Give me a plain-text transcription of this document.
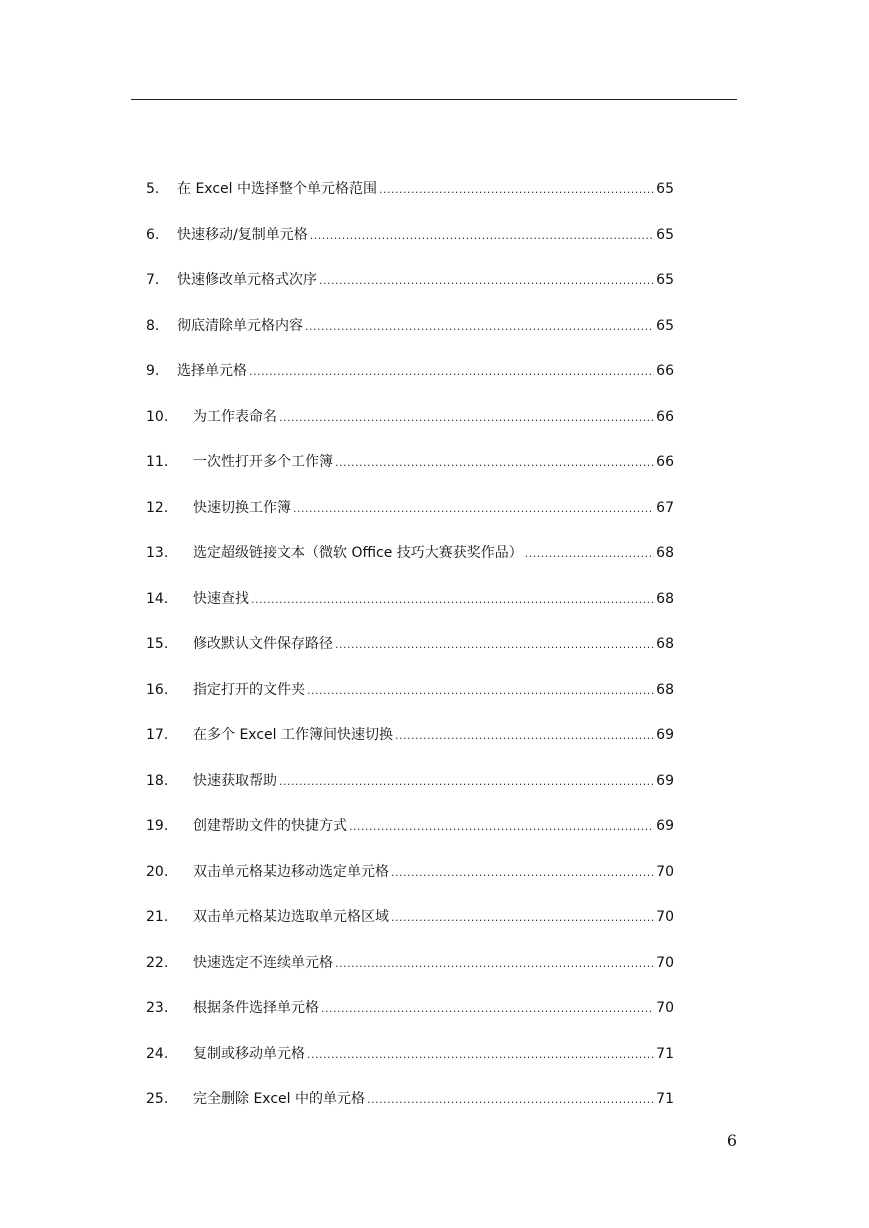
5.	在 Excel 中选择整个单元格范围 .....	65
6.	快速移动/复制单元格 .....	65
7.	快速修改单元格式次序 .....	65
8.	彻底清除单元格内容 .....	65
9.	选择单元格 .....	66
10.	为工作表命名 .....	66
11.	一次性打开多个工作簿 .....	66
12.	快速切换工作簿 .....	67
13.	选定超级链接文本（微软 Office 技巧大赛获奖作品） .....	68
14.	快速查找 .....	68
15.	修改默认文件保存路径 .....	68
16.	指定打开的文件夹 .....	68
17.	在多个 Excel 工作簿间快速切换 .....	69
18.	快速获取帮助 .....	69
19.	创建帮助文件的快捷方式 .....	69
20.	双击单元格某边移动选定单元格 .....	70
21.	双击单元格某边选取单元格区域 .....	70
22.	快速选定不连续单元格 .....	70
23.	根据条件选择单元格 .....	70
24.	复制或移动单元格 .....	71
25.	完全删除 Excel 中的单元格 .....	71
6
